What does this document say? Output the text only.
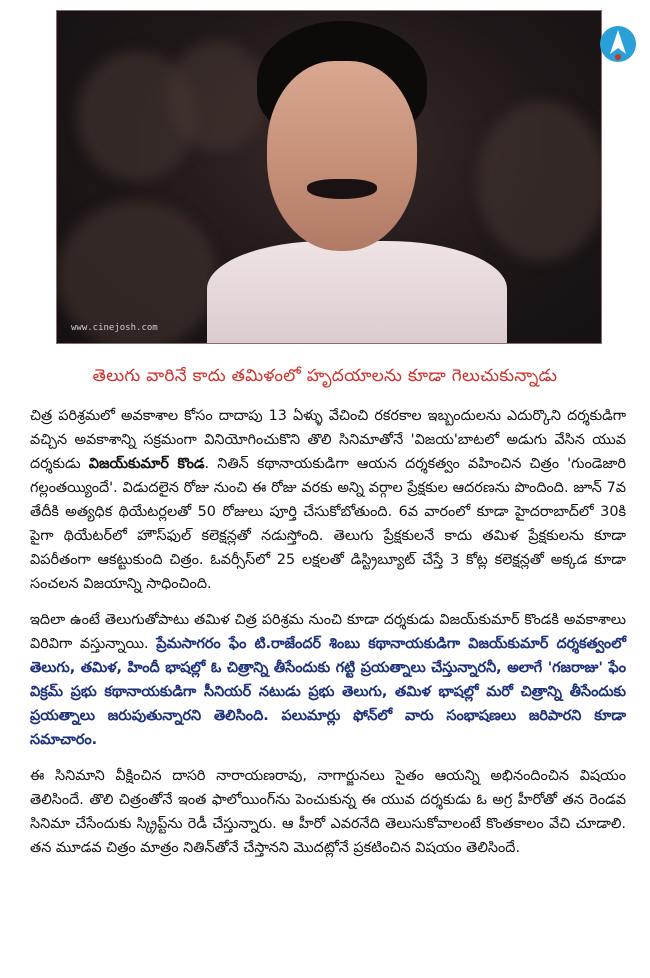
www.cinejosh.com
తెలుగు వారినే కాదు తమిళంలో హృదయాలను కూడా గెలుచుకున్నాడు

చిత్ర పరిశ్రమలో అవకాశాల కోసం దాదాపు 13 ఏళ్ళు వేచించి రకరకాల ఇబ్బందులను ఎదుర్కొని దర్శకుడిగా వచ్చిన అవకాశాన్ని సక్రమంగా వినియోగించుకొని తొలి సినిమాతోనే 'విజయ'బాటలో అడుగు వేసిన యువ దర్శకుడు విజయ్‌కుమార్ కొండ. నితిన్ కథానాయకుడిగా ఆయన దర్శకత్వం వహించిన చిత్రం 'గుండెజారి గల్లంతయ్యిందే'. విడుదలైన రోజు నుంచి ఈ రోజు వరకు అన్ని వర్గాల ప్రేక్షకుల ఆదరణను పొందింది. జూన్ 7వ తేదీకి అత్యధిక థియేటర్లలతో 50 రోజులు పూర్తి చేసుకోబోతుంది. 6వ వారంలో కూడా హైదరాబాద్‌లో 30కి పైగా థియేటర్‌లో హౌస్‌ఫుల్ కలెక్షన్లతో నడుస్తోంది. తెలుగు ప్రేక్షకులనే కాదు తమిళ ప్రేక్షకులను కూడా విపరీతంగా ఆకట్టుకుంది చిత్రం. ఓవర్సీస్‌లో 25 లక్షలతో డిస్ట్రిబ్యూట్ చేస్తే 3 కోట్ల కలెక్షన్లతో అక్కడ కూడా సంచలన విజయాన్ని సాధించింది.

ఇదిలా ఉంటే తెలుగుతోపాటు తమిళ చిత్ర పరిశ్రమ నుంచి కూడా దర్శకుడు విజయ్‌కుమార్ కొండకి అవకాశాలు విరివిగా వస్తున్నాయి. ప్రేమసాగరం ఫేం టి.రాజేందర్ శింబు కథానాయకుడిగా విజయ్‌కుమార్ దర్శకత్వంలో తెలుగు, తమిళ, హిందీ భాషల్లో ఓ చిత్రాన్ని తీసేందుకు గట్టి ప్రయత్నాలు చేస్తున్నారనీ, అలాగే 'గజరాజు' ఫేం విక్రమ్ ప్రభు కథానాయకుడిగా సీనియర్ నటుడు ప్రభు తెలుగు, తమిళ భాషల్లో మరో చిత్రాన్ని తీసేందుకు ప్రయత్నాలు జరుపుతున్నారని తెలిసింది. పలుమార్లు ఫోన్‌లో వారు సంభాషణలు జరిపారని కూడా సమాచారం.

ఈ సినిమాని వీక్షించిన దాసరి నారాయణరావు, నాగార్జునలు సైతం ఆయన్ని అభినందించిన విషయం తెలిసిందే. తొలి చిత్రంతోనే ఇంత ఫాలోయింగ్‌ను పెంచుకున్న ఈ యువ దర్శకుడు ఓ అగ్ర హీరోతో తన రెండవ సినిమా చేసేందుకు స్క్రిప్ట్‌ను రెడీ చేస్తున్నారు. ఆ హీరో ఎవరనేది తెలుసుకోవాలంటే కొంతకాలం వేచి చూడాలి. తన మూడవ చిత్రం మాత్రం నితిన్‌తోనే చేస్తానని మొదట్లోనే ప్రకటించిన విషయం తెలిసిందే.
